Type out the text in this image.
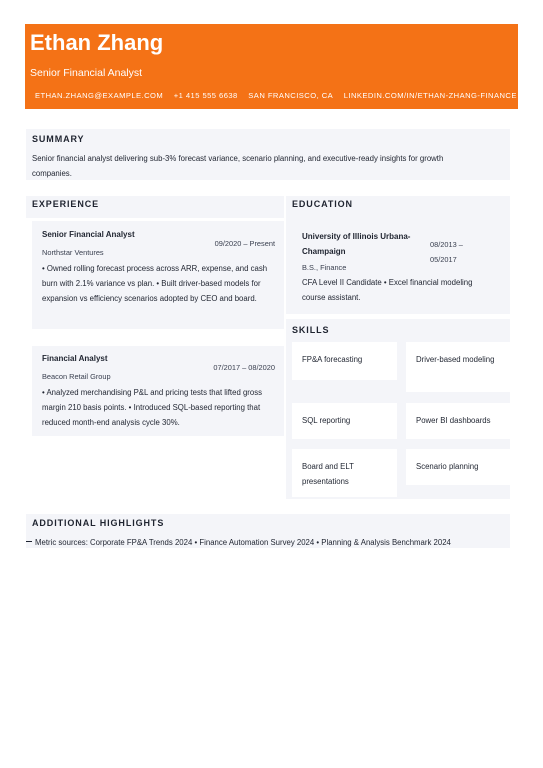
Ethan Zhang
Senior Financial Analyst
ETHAN.ZHANG@EXAMPLE.COM +1 415 555 6638 SAN FRANCISCO, CA LINKEDIN.COM/IN/ETHAN-ZHANG-FINANCE
SUMMARY
Senior financial analyst delivering sub-3% forecast variance, scenario planning, and executive-ready insights for growth companies.
EXPERIENCE
Senior Financial Analyst
09/2020 – Present
Northstar Ventures
• Owned rolling forecast process across ARR, expense, and cash burn with 2.1% variance vs plan. • Built driver-based models for expansion vs efficiency scenarios adopted by CEO and board.
Financial Analyst
07/2017 – 08/2020
Beacon Retail Group
• Analyzed merchandising P&L and pricing tests that lifted gross margin 210 basis points. • Introduced SQL-based reporting that reduced month-end analysis cycle 30%.
EDUCATION
University of Illinois Urbana-Champaign
08/2013 – 05/2017
B.S., Finance
CFA Level II Candidate • Excel financial modeling course assistant.
SKILLS
FP&A forecasting	Driver-based modeling
SQL reporting	Power BI dashboards
Board and ELT presentations
Scenario planning
ADDITIONAL HIGHLIGHTS
Metric sources: Corporate FP&A Trends 2024 • Finance Automation Survey 2024 • Planning & Analysis Benchmark 2024
